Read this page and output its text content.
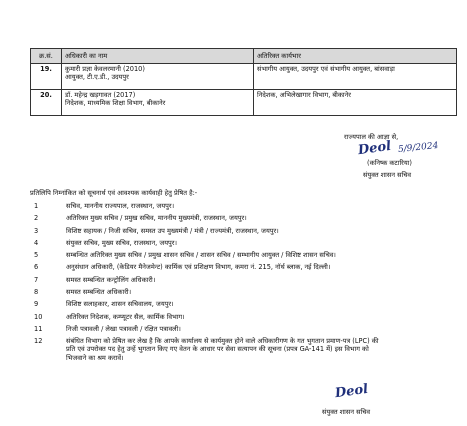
क्र.सं.	अधिकारी का नाम	अतिरिक्त कार्यभार
19.	कुमारी प्रज्ञा केवलरमानी (2010)
आयुक्त, टी.ए.डी., उदयपुर	संभागीय आयुक्त, उदयपुर एवं संभागीय आयुक्त, बांसवाड़ा
20.	डॉ. महेन्द्र खड़गावत (2017)
निदेशक, माध्यमिक शिक्षा विभाग, बीकानेर	निदेशक, अभिलेखागार विभाग, बीकानेर
राज्यपाल की आज्ञा से,
Deol 5/9/2024
(कनिष्क कटारिया)
संयुक्त शासन सचिव
प्रतिलिपि निम्नांकित को सूचनार्थ एवं आवश्यक कार्यवाही हेतु प्रेषित है:-
1	सचिव, माननीय राज्यपाल, राजस्थान, जयपुर।
2	अतिरिक्त मुख्य सचिव / प्रमुख सचिव, माननीय मुख्यमंत्री, राजस्थान, जयपुर।
3	विशिष्ट सहायक / निजी सचिव, समस्त उप मुख्यमंत्री / मंत्री / राज्यमंत्री, राजस्थान, जयपुर।
4	संयुक्त सचिव, मुख्य सचिव, राजस्थान, जयपुर।
5	सम्बन्धित अतिरिक्त मुख्य सचिव / प्रमुख शासन सचिव / शासन सचिव / सम्भागीय आयुक्त / विशिष्ट शासन सचिव।
6	अनुसंधान अधिकारी, (केडियर मैनेजमेन्ट) कार्मिक एवं प्रशिक्षण विभाग, कमरा नं. 215, नॉर्थ ब्लाक, नई दिल्ली।
7	समस्त सम्बन्धित कन्ट्रोलिंग अधिकारी।
8	समस्त सम्बन्धित अधिकारी।
9	विशिष्ट सलाहकार, शासन सचिवालय, जयपुर।
10	अतिरिक्त निदेशक, कम्प्यूटर सैल, कार्मिक विभाग।
11	निजी पत्रावली / लेखा पत्रावली / रक्षित पत्रावली।
12	संबंधित विभाग को प्रेषित कर लेख है कि आपके कार्यालय से कार्यमुक्त होने वाले अधिकारीगण के गत भुगतान प्रमाण-पत्र (LPC) की
प्रति एवं उपरोक्त पद हेतु उन्हें भुगतान किए गए वेतन के आधार पर सेवा सत्यापन की सूचना (प्रपत्र GA-141 में) इस विभाग को
भिजवाने का श्रम करावें।
Deol
संयुक्त शासन सचिव
